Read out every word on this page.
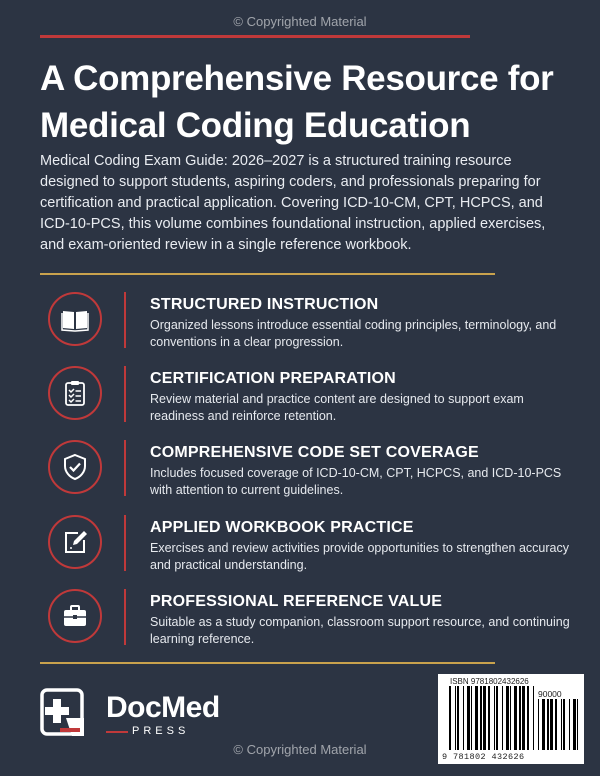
© Copyrighted Material
A Comprehensive Resource for
Medical Coding Education
Medical Coding Exam Guide: 2026–2027 is a structured training resource designed to support students, aspiring coders, and professionals preparing for certification and practical application. Covering ICD-10-CM, CPT, HCPCS, and ICD-10-PCS, this volume combines foundational instruction, applied exercises, and exam-oriented review in a single reference workbook.
STRUCTURED INSTRUCTION
Organized lessons introduce essential coding principles, terminology, and conventions in a clear progression.
CERTIFICATION PREPARATION
Review material and practice content are designed to support exam readiness and reinforce retention.
COMPREHENSIVE CODE SET COVERAGE
Includes focused coverage of ICD-10-CM, CPT, HCPCS, and ICD-10-PCS with attention to current guidelines.
APPLIED WORKBOOK PRACTICE
Exercises and review activities provide opportunities to strengthen accuracy and practical understanding.
PROFESSIONAL REFERENCE VALUE
Suitable as a study companion, classroom support resource, and continuing learning reference.
DocMed
PRESS
ISBN 9781802432626
90000
9 781802 432626
© Copyrighted Material
